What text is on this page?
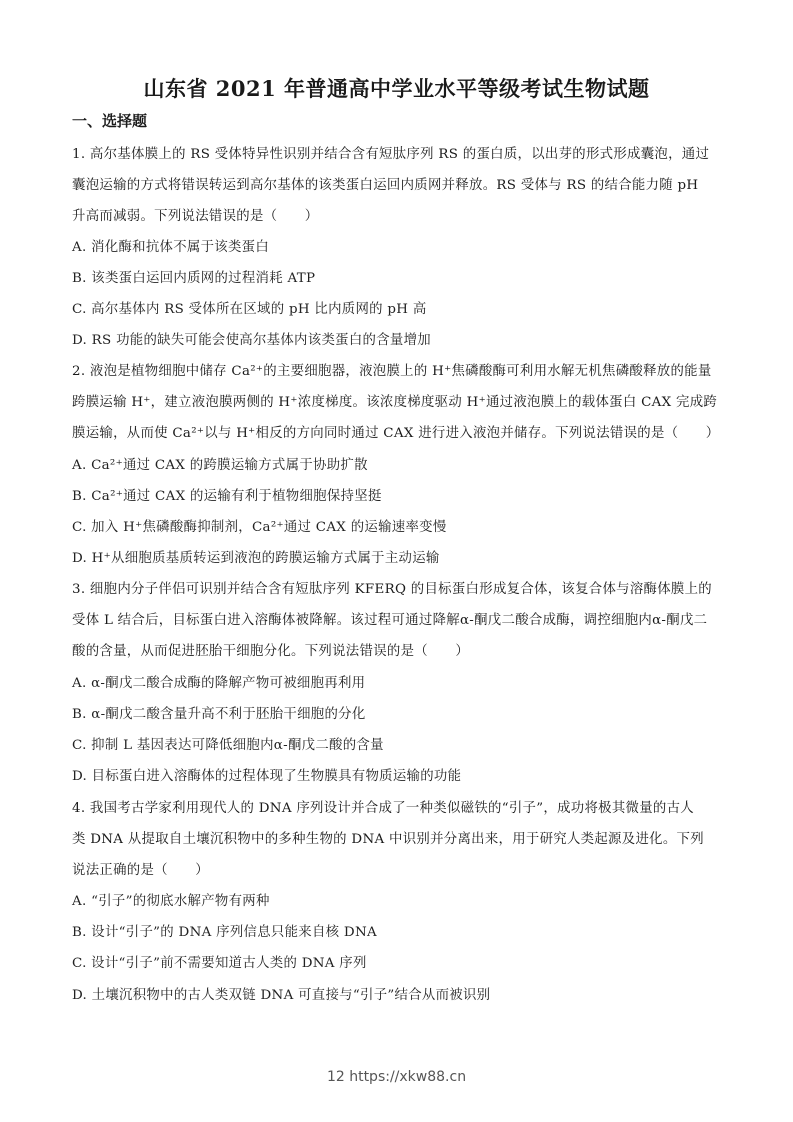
山东省 2021 年普通高中学业水平等级考试生物试题
一、选择题
1. 高尔基体膜上的 RS 受体特异性识别并结合含有短肽序列 RS 的蛋白质，以出芽的形式形成囊泡，通过
囊泡运输的方式将错误转运到高尔基体的该类蛋白运回内质网并释放。RS 受体与 RS 的结合能力随 pH
升高而减弱。下列说法错误的是（　　）
A. 消化酶和抗体不属于该类蛋白
B. 该类蛋白运回内质网的过程消耗 ATP
C. 高尔基体内 RS 受体所在区域的 pH 比内质网的 pH 高
D. RS 功能的缺失可能会使高尔基体内该类蛋白的含量增加
2. 液泡是植物细胞中储存 Ca²⁺的主要细胞器，液泡膜上的 H⁺焦磷酸酶可利用水解无机焦磷酸释放的能量
跨膜运输 H⁺，建立液泡膜两侧的 H⁺浓度梯度。该浓度梯度驱动 H⁺通过液泡膜上的载体蛋白 CAX 完成跨
膜运输，从而使 Ca²⁺以与 H⁺相反的方向同时通过 CAX 进行进入液泡并储存。下列说法错误的是（　　）
A. Ca²⁺通过 CAX 的跨膜运输方式属于协助扩散
B. Ca²⁺通过 CAX 的运输有利于植物细胞保持坚挺
C. 加入 H⁺焦磷酸酶抑制剂，Ca²⁺通过 CAX 的运输速率变慢
D. H⁺从细胞质基质转运到液泡的跨膜运输方式属于主动运输
3. 细胞内分子伴侣可识别并结合含有短肽序列 KFERQ 的目标蛋白形成复合体，该复合体与溶酶体膜上的
受体 L 结合后，目标蛋白进入溶酶体被降解。该过程可通过降解α-酮戊二酸合成酶，调控细胞内α-酮戊二
酸的含量，从而促进胚胎干细胞分化。下列说法错误的是（　　）
A. α-酮戊二酸合成酶的降解产物可被细胞再利用
B. α-酮戊二酸含量升高不利于胚胎干细胞的分化
C. 抑制 L 基因表达可降低细胞内α-酮戊二酸的含量
D. 目标蛋白进入溶酶体的过程体现了生物膜具有物质运输的功能
4. 我国考古学家利用现代人的 DNA 序列设计并合成了一种类似磁铁的“引子”，成功将极其微量的古人
类 DNA 从提取自土壤沉积物中的多种生物的 DNA 中识别并分离出来，用于研究人类起源及进化。下列
说法正确的是（　　）
A. “引子”的彻底水解产物有两种
B. 设计“引子”的 DNA 序列信息只能来自核 DNA
C. 设计“引子”前不需要知道古人类的 DNA 序列
D. 土壤沉积物中的古人类双链 DNA 可直接与“引子”结合从而被识别
12 https://xkw88.cn
